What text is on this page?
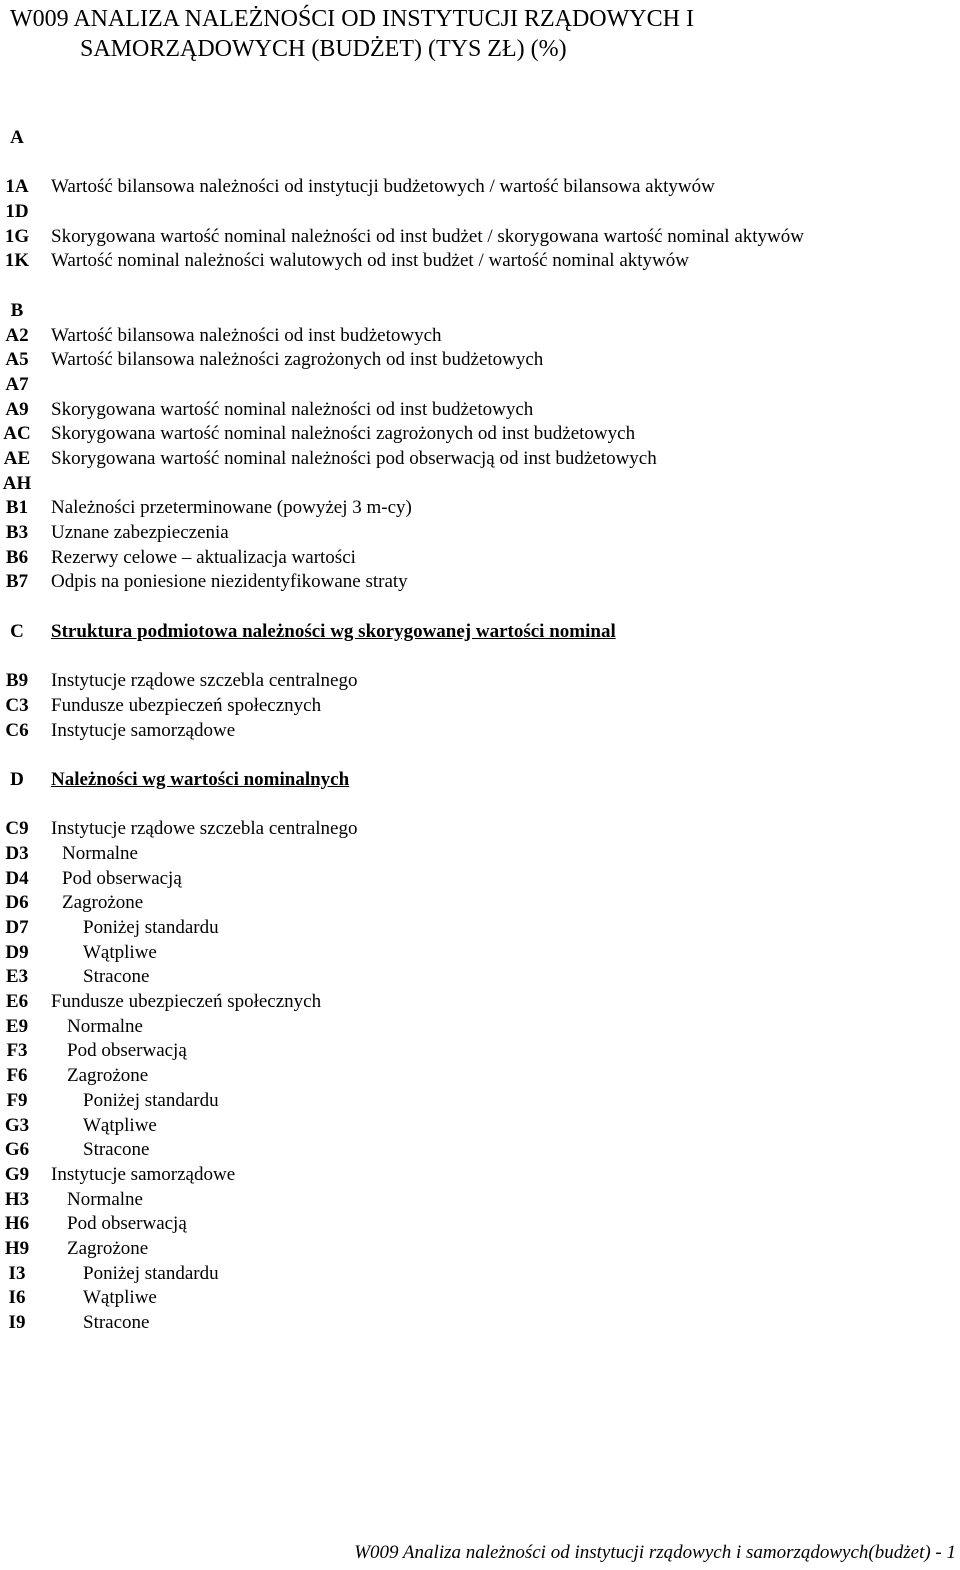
W009 ANALIZA NALEŻNOŚCI OD INSTYTUCJI RZĄDOWYCH I
SAMORZĄDOWYCH (BUDŻET) (TYS ZŁ) (%)
A
1A Wartość bilansowa należności od instytucji budżetowych / wartość bilansowa aktywów
1D
1G Skorygowana wartość nominal należności od inst budżet / skorygowana wartość nominal aktywów
1K Wartość nominal należności walutowych od inst budżet / wartość nominal aktywów
B
A2 Wartość bilansowa należności od inst budżetowych
A5 Wartość bilansowa należności zagrożonych od inst budżetowych
A7
A9 Skorygowana wartość nominal należności od inst budżetowych
AC Skorygowana wartość nominal należności zagrożonych od inst budżetowych
AE Skorygowana wartość nominal należności pod obserwacją od inst budżetowych
AH
B1	Należności przeterminowane (powyżej 3 m-cy)
B3	Uznane zabezpieczenia
B6	Rezerwy celowe – aktualizacja wartości
B7	Odpis na poniesione niezidentyfikowane straty
C	Struktura podmiotowa należności wg skorygowanej wartości nominal
B9	Instytucje rządowe szczebla centralnego
C3 Fundusze ubezpieczeń społecznych
C6 Instytucje samorządowe
D	Należności wg wartości nominalnych
C9 Instytucje rządowe szczebla centralnego
D3	Normalne
D4	Pod obserwacją
D6	Zagrożone
D7	Poniżej standardu
D9	Wątpliwe
E3	Stracone
E6	Fundusze ubezpieczeń społecznych
E9	Normalne
F3	Pod obserwacją
F6	Zagrożone
F9	Poniżej standardu
G3	Wątpliwe
G6	Stracone
G9 Instytucje samorządowe
H3	Normalne
H6	Pod obserwacją
H9	Zagrożone
I3	Poniżej standardu
I6	Wątpliwe
I9	Stracone
W009 Analiza należności od instytucji rządowych i samorządowych(budżet) - 1
